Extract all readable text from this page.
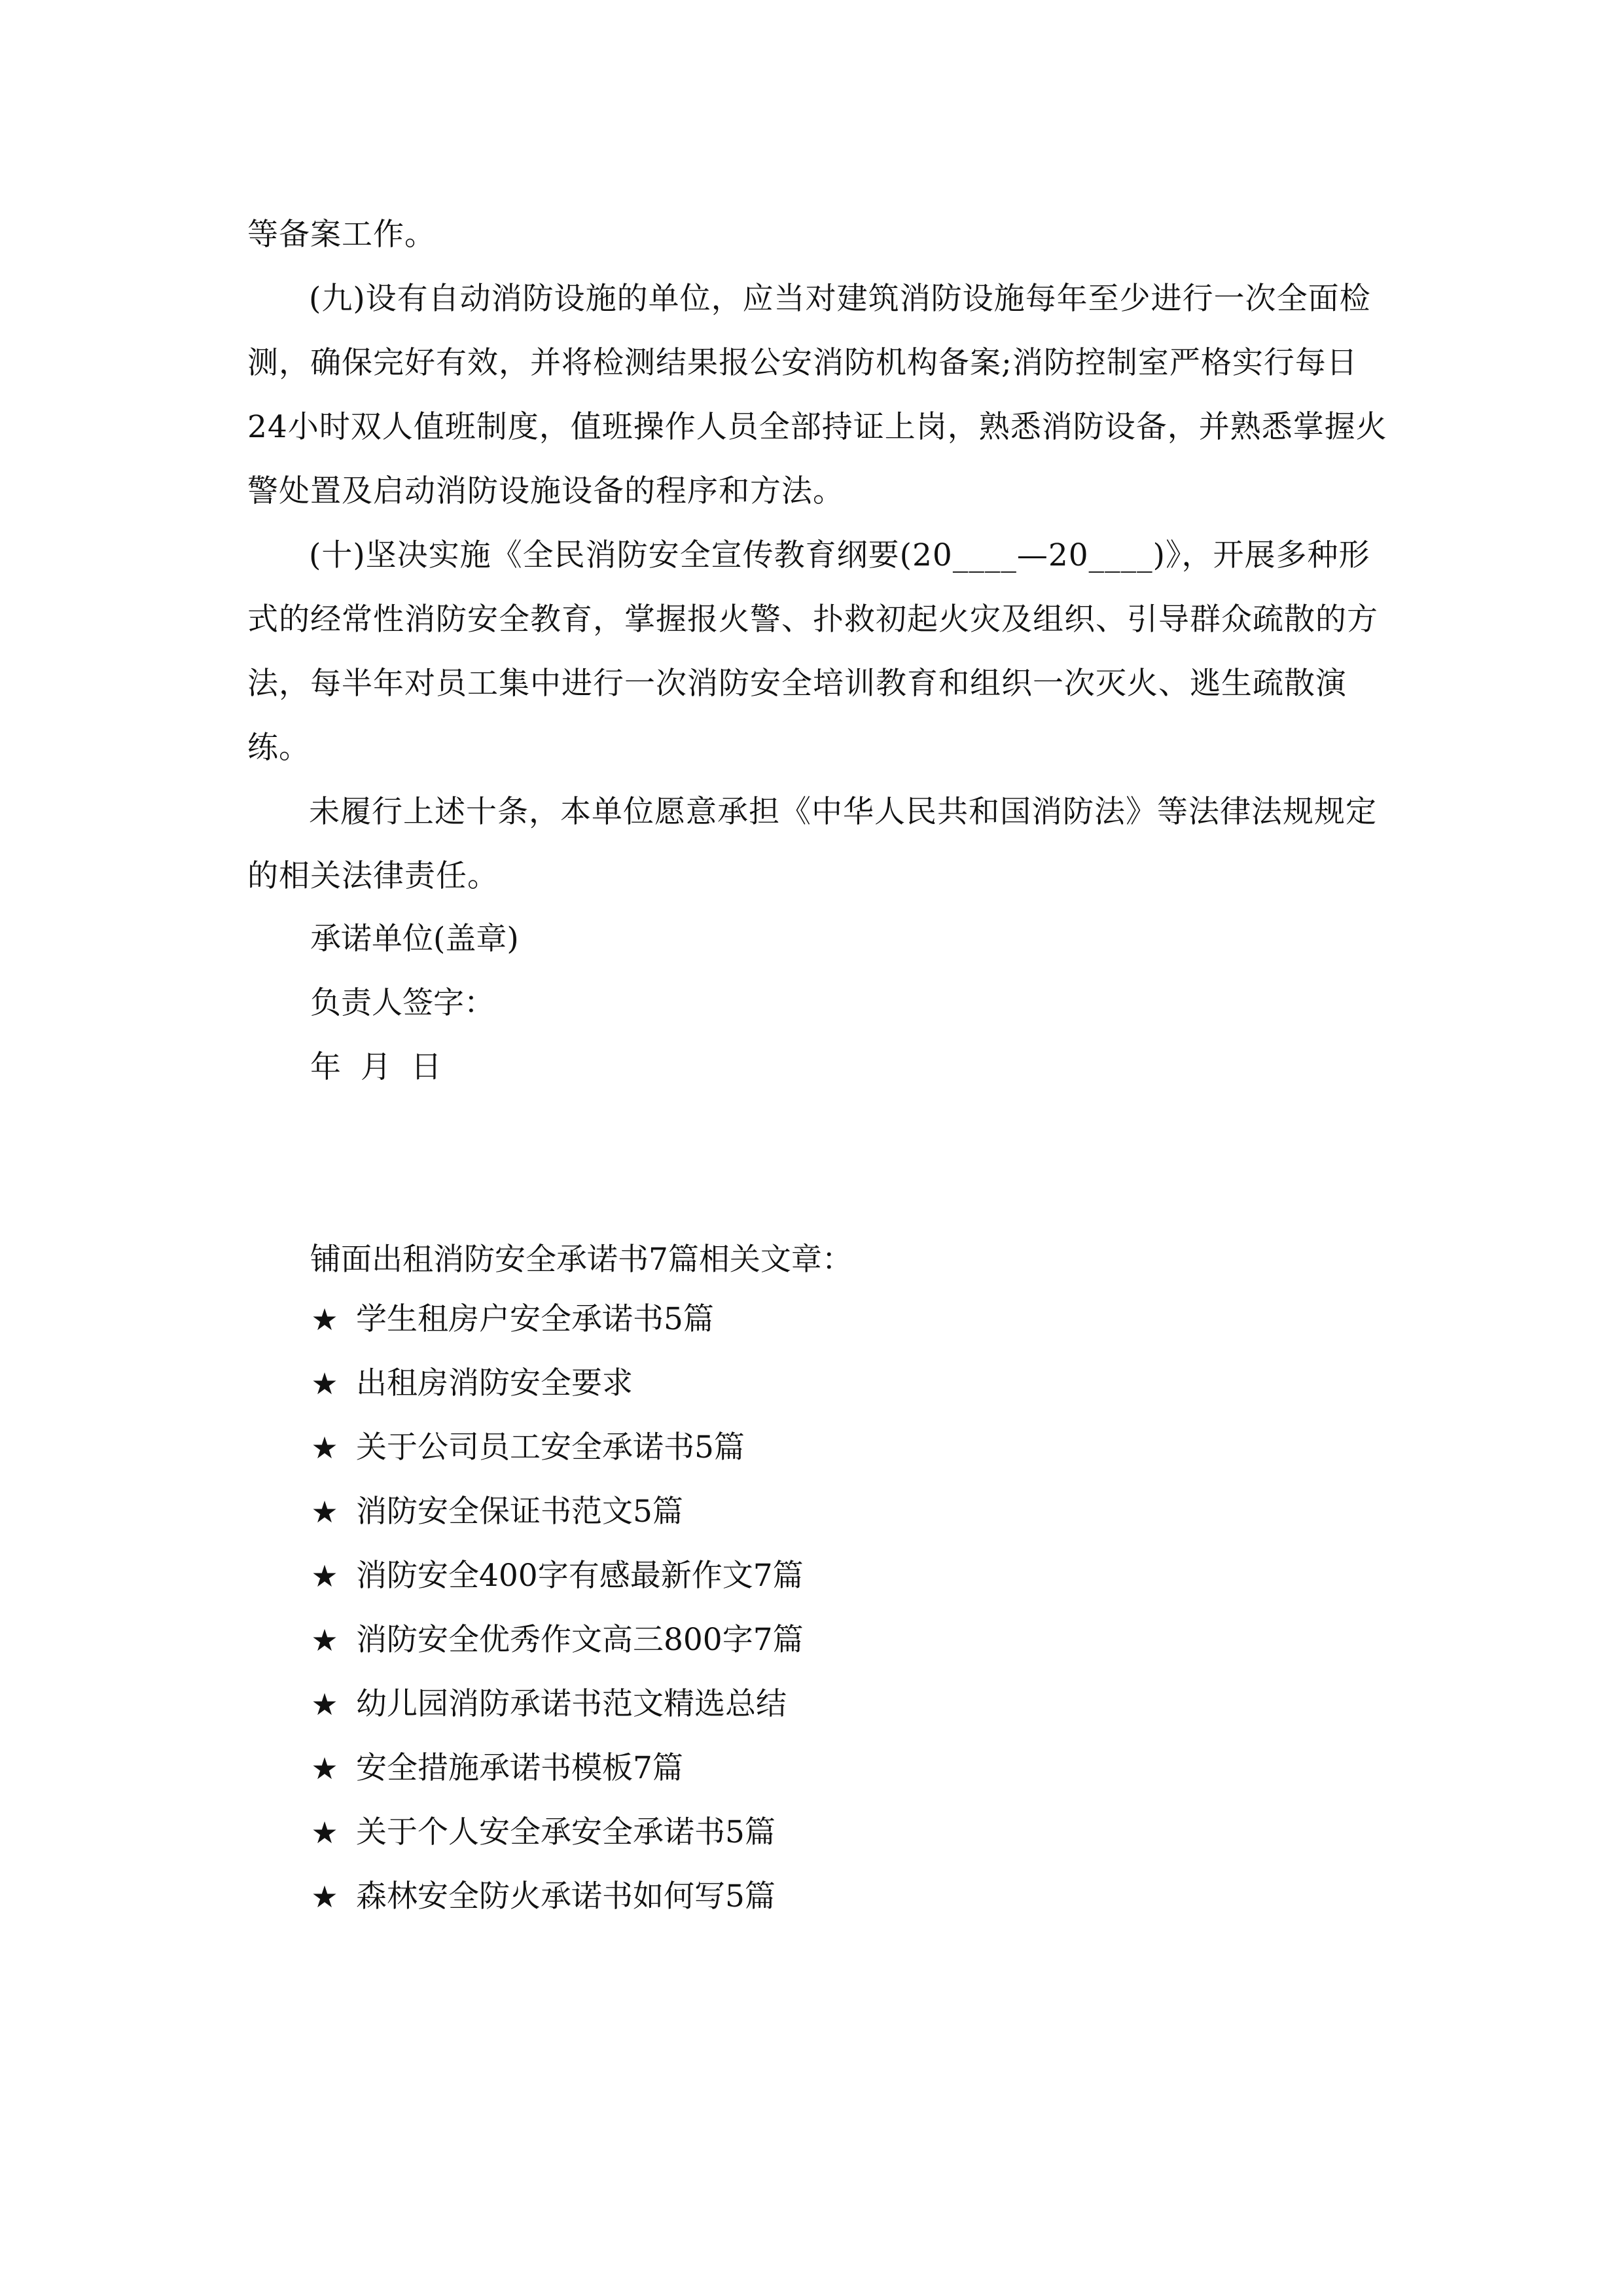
等备案工作。
(九)设有自动消防设施的单位，应当对建筑消防设施每年至少进行一次全面检测，确保完好有效，并将检测结果报公安消防机构备案;消防控制室严格实行每日24小时双人值班制度，值班操作人员全部持证上岗，熟悉消防设备，并熟悉掌握火警处置及启动消防设施设备的程序和方法。
(十)坚决实施《全民消防安全宣传教育纲要(20____—20____)》，开展多种形式的经常性消防安全教育，掌握报火警、扑救初起火灾及组织、引导群众疏散的方法，每半年对员工集中进行一次消防安全培训教育和组织一次灭火、逃生疏散演练。
未履行上述十条，本单位愿意承担《中华人民共和国消防法》等法律法规规定的相关法律责任。
承诺单位(盖章)
负责人签字：
年  月  日
铺面出租消防安全承诺书7篇相关文章：
★ 学生租房户安全承诺书5篇
★ 出租房消防安全要求
★ 关于公司员工安全承诺书5篇
★ 消防安全保证书范文5篇
★ 消防安全400字有感最新作文7篇
★ 消防安全优秀作文高三800字7篇
★ 幼儿园消防承诺书范文精选总结
★ 安全措施承诺书模板7篇
★ 关于个人安全承安全承诺书5篇
★ 森林安全防火承诺书如何写5篇
